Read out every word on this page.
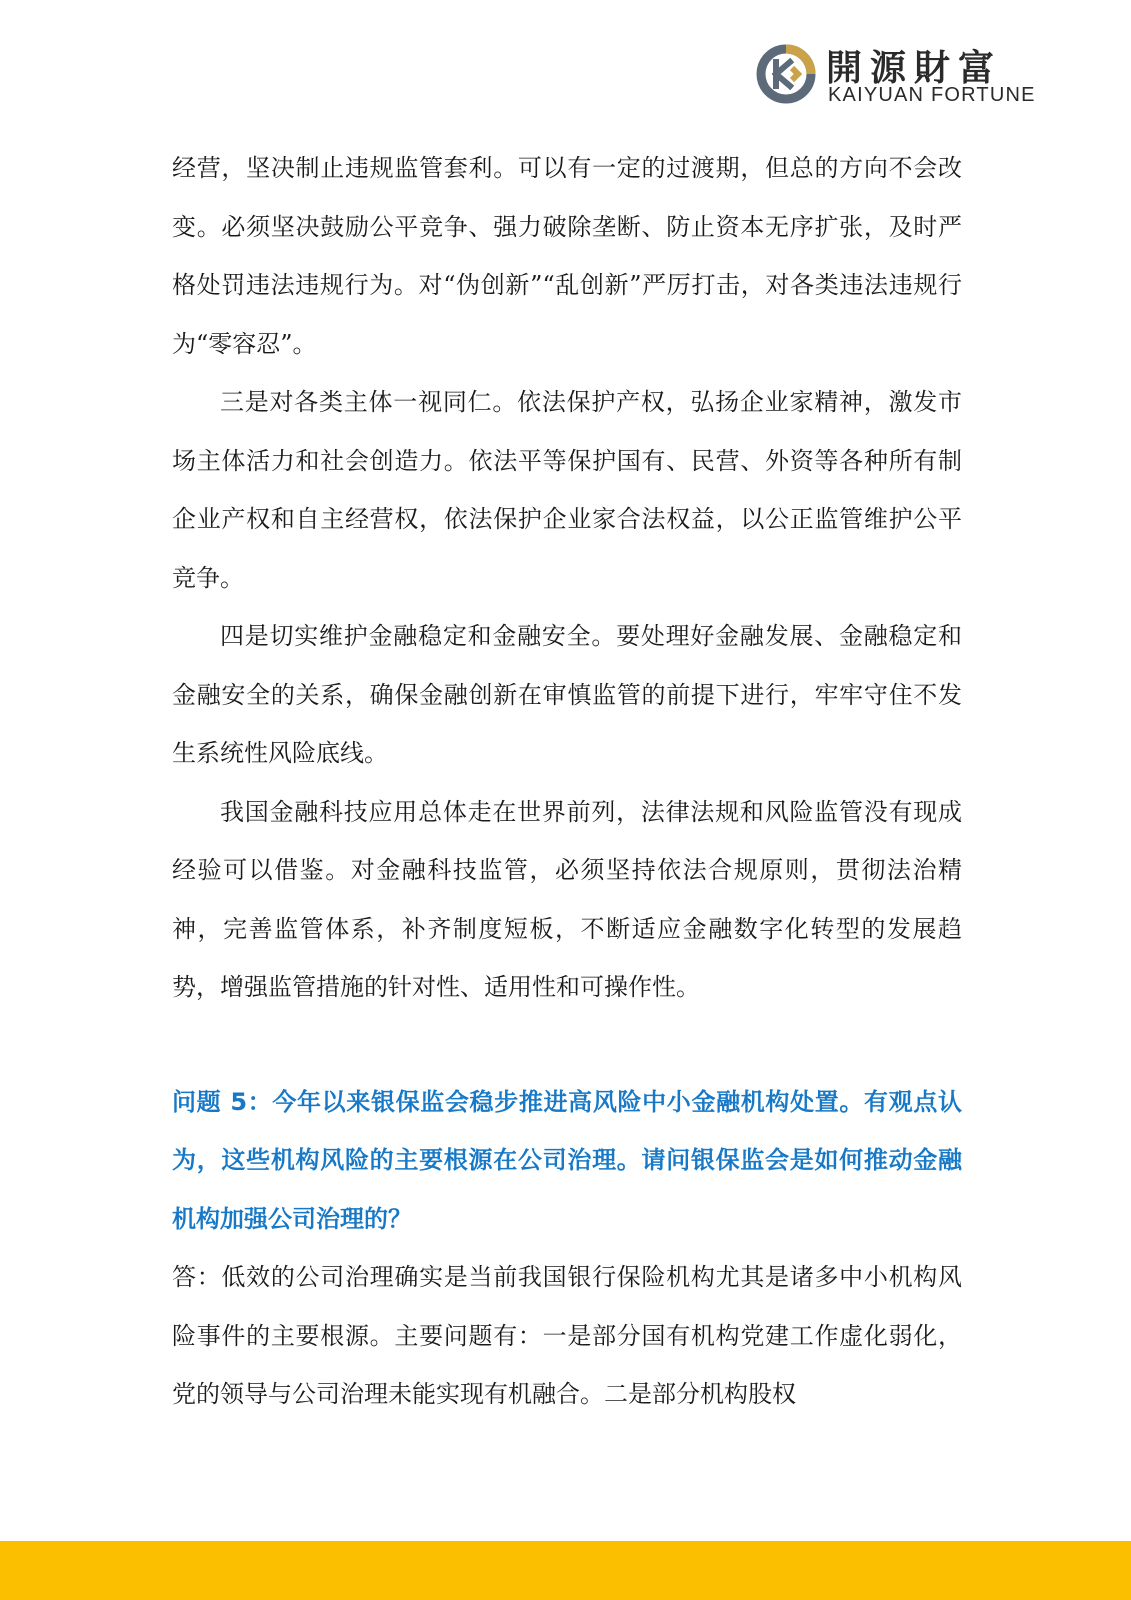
開源財富
KAIYUAN FORTUNE

经营，坚决制止违规监管套利。可以有一定的过渡期，但总的方向不会改变。必须坚决鼓励公平竞争、强力破除垄断、防止资本无序扩张，及时严格处罚违法违规行为。对“伪创新”“乱创新”严厉打击，对各类违法违规行为“零容忍”。

三是对各类主体一视同仁。依法保护产权，弘扬企业家精神，激发市场主体活力和社会创造力。依法平等保护国有、民营、外资等各种所有制企业产权和自主经营权，依法保护企业家合法权益，以公正监管维护公平竞争。

四是切实维护金融稳定和金融安全。要处理好金融发展、金融稳定和金融安全的关系，确保金融创新在审慎监管的前提下进行，牢牢守住不发生系统性风险底线。

我国金融科技应用总体走在世界前列，法律法规和风险监管没有现成经验可以借鉴。对金融科技监管，必须坚持依法合规原则，贯彻法治精神，完善监管体系，补齐制度短板，不断适应金融数字化转型的发展趋势，增强监管措施的针对性、适用性和可操作性。

问题 5：今年以来银保监会稳步推进高风险中小金融机构处置。有观点认为，这些机构风险的主要根源在公司治理。请问银保监会是如何推动金融机构加强公司治理的？

答：低效的公司治理确实是当前我国银行保险机构尤其是诸多中小机构风险事件的主要根源。主要问题有：一是部分国有机构党建工作虚化弱化，党的领导与公司治理未能实现有机融合。二是部分机构股权
